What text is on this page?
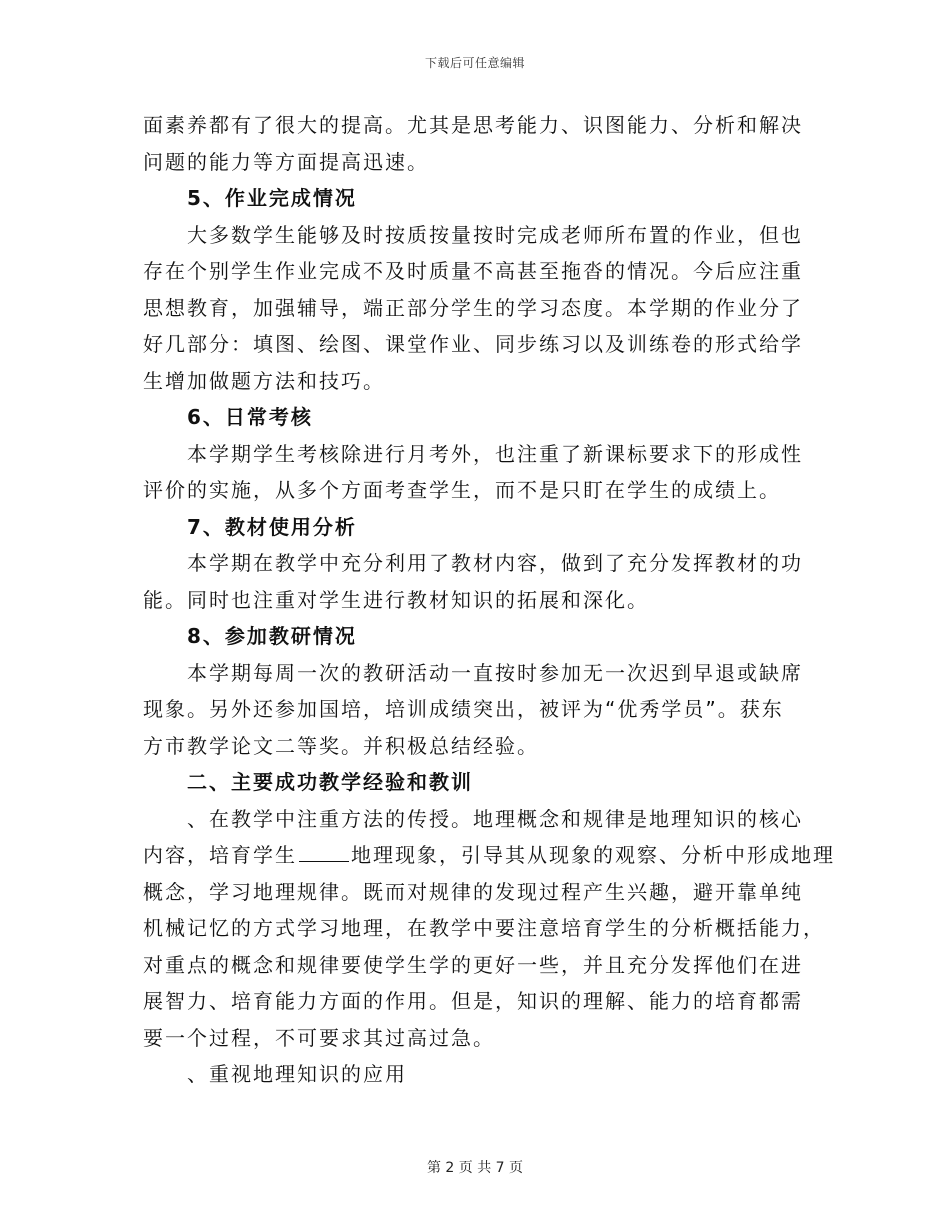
下载后可任意编辑
面素养都有了很大的提高。尤其是思考能力、识图能力、分析和解决
问题的能力等方面提高迅速。
5、作业完成情况
大多数学生能够及时按质按量按时完成老师所布置的作业，但也
存在个别学生作业完成不及时质量不高甚至拖沓的情况。今后应注重
思想教育，加强辅导，端正部分学生的学习态度。本学期的作业分了
好几部分：填图、绘图、课堂作业、同步练习以及训练卷的形式给学
生增加做题方法和技巧。
6、日常考核
本学期学生考核除进行月考外，也注重了新课标要求下的形成性
评价的实施，从多个方面考查学生，而不是只盯在学生的成绩上。
7、教材使用分析
本学期在教学中充分利用了教材内容，做到了充分发挥教材的功
能。同时也注重对学生进行教材知识的拓展和深化。
8、参加教研情况
本学期每周一次的教研活动一直按时参加无一次迟到早退或缺席
现象。另外还参加国培，培训成绩突出，被评为“优秀学员”。获东
方市教学论文二等奖。并积极总结经验。
二、主要成功教学经验和教训
、在教学中注重方法的传授。地理概念和规律是地理知识的核心
内容，培育学生	地理现象，引导其从现象的观察、分析中形成地理
概念，学习地理规律。既而对规律的发现过程产生兴趣，避开靠单纯
机械记忆的方式学习地理，在教学中要注意培育学生的分析概括能力，
对重点的概念和规律要使学生学的更好一些，并且充分发挥他们在进
展智力、培育能力方面的作用。但是，知识的理解、能力的培育都需
要一个过程，不可要求其过高过急。
、重视地理知识的应用
第 2 页 共 7 页
